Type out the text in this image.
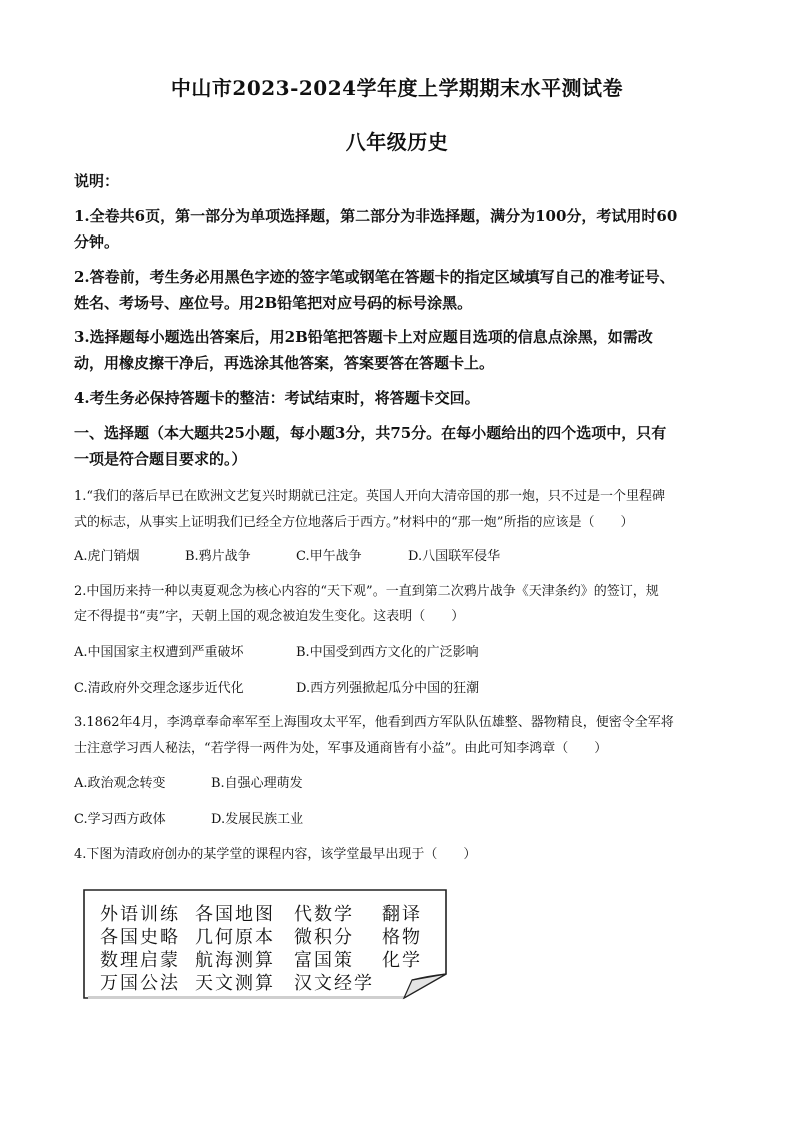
中山市2023-2024学年度上学期期末水平测试卷
八年级历史
说明：
1.全卷共6页，第一部分为单项选择题，第二部分为非选择题，满分为100分，考试用时60
分钟。
2.答卷前，考生务必用黑色字迹的签字笔或钢笔在答题卡的指定区域填写自己的准考证号、
姓名、考场号、座位号。用2B铅笔把对应号码的标号涂黑。
3.选择题每小题选出答案后，用2B铅笔把答题卡上对应题目选项的信息点涂黑，如需改
动，用橡皮擦干净后，再选涂其他答案，答案要答在答题卡上。
4.考生务必保持答题卡的整洁：考试结束时，将答题卡交回。
一、选择题（本大题共25小题，每小题3分，共75分。在每小题给出的四个选项中，只有
一项是符合题目要求的。）
1.“我们的落后早已在欧洲文艺复兴时期就已注定。英国人开向大清帝国的那一炮，只不过是一个里程碑
式的标志，从事实上证明我们已经全方位地落后于西方。”材料中的“那一炮”所指的应该是（　　）
A.虎门销烟	B.鸦片战争	C.甲午战争	D.八国联军侵华
2.中国历来持一种以夷夏观念为核心内容的“天下观”。一直到第二次鸦片战争《天津条约》的签订，规
定不得提书“夷”字，天朝上国的观念被迫发生变化。这表明（　　）
A.中国国家主权遭到严重破坏	B.中国受到西方文化的广泛影响
C.清政府外交理念逐步近代化	D.西方列强掀起瓜分中国的狂潮
3.1862年4月，李鸿章奉命率军至上海围攻太平军，他看到西方军队队伍雄整、器物精良，便密令全军将
士注意学习西人秘法，“若学得一两件为处，军事及通商皆有小益”。由此可知李鸿章（　　）
A.政治观念转变	B.自强心理萌发
C.学习西方政体	D.发展民族工业
4.下图为清政府创办的某学堂的课程内容，该学堂最早出现于（　　）
外语训练 各国地图 代数学 翻译
各国史略 几何原本 微积分 格物
数理启蒙 航海测算 富国策 化学
万国公法 天文测算 汉文经学
